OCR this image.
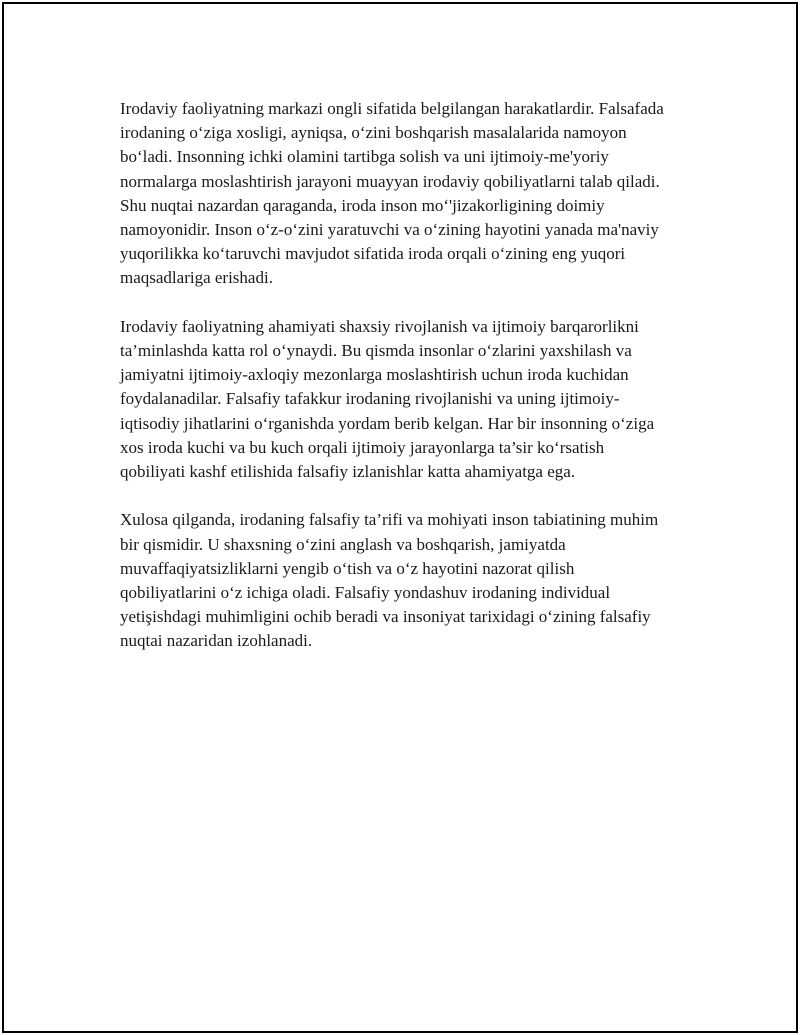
Irodaviy faoliyatning markazi ongli sifatida belgilangan harakatlardir. Falsafada irodaning o‘ziga xosligi, ayniqsa, o‘zini boshqarish masalalarida namoyon bo‘ladi. Insonning ichki olamini tartibga solish va uni ijtimoiy-me'yoriy normalarga moslashtirish jarayoni muayyan irodaviy qobiliyatlarni talab qiladi. Shu nuqtai nazardan qaraganda, iroda inson mo‘'jizakorligining doimiy namoyonidir. Inson o‘z-o‘zini yaratuvchi va o‘zining hayotini yanada ma'naviy yuqorilikka ko‘taruvchi mavjudot sifatida iroda orqali o‘zining eng yuqori maqsadlariga erishadi.

Irodaviy faoliyatning ahamiyati shaxsiy rivojlanish va ijtimoiy barqarorlikni ta’minlashda katta rol o‘ynaydi. Bu qismda insonlar o‘zlarini yaxshilash va jamiyatni ijtimoiy-axloqiy mezonlarga moslashtirish uchun iroda kuchidan foydalanadilar. Falsafiy tafakkur irodaning rivojlanishi va uning ijtimoiy-iqtisodiy jihatlarini o‘rganishda yordam berib kelgan. Har bir insonning o‘ziga xos iroda kuchi va bu kuch orqali ijtimoiy jarayonlarga ta’sir ko‘rsatish qobiliyati kashf etilishida falsafiy izlanishlar katta ahamiyatga ega.

Xulosa qilganda, irodaning falsafiy ta’rifi va mohiyati inson tabiatining muhim bir qismidir. U shaxsning o‘zini anglash va boshqarish, jamiyatda muvaffaqiyatsizliklarni yengib o‘tish va o‘z hayotini nazorat qilish qobiliyatlarini o‘z ichiga oladi. Falsafiy yondashuv irodaning individual yetişishdagi muhimligini ochib beradi va insoniyat tarixidagi o‘zining falsafiy nuqtai nazaridan izohlanadi.
